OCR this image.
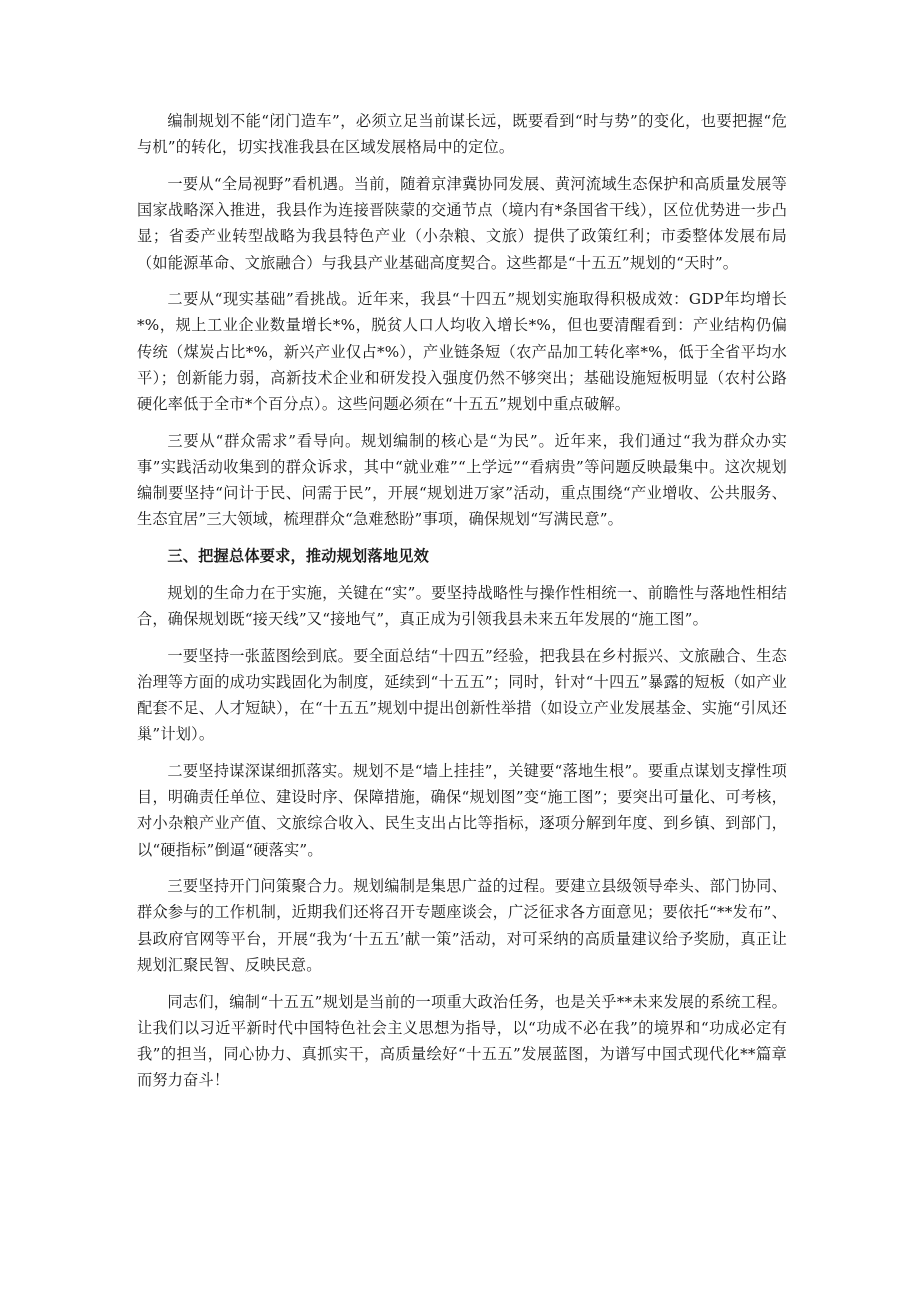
编制规划不能“闭门造车”，必须立足当前谋长远，既要看到“时与势”的变化，也要把握“危与机”的转化，切实找准我县在区域发展格局中的定位。

一要从“全局视野”看机遇。当前，随着京津冀协同发展、黄河流域生态保护和高质量发展等国家战略深入推进，我县作为连接晋陕蒙的交通节点（境内有*条国省干线），区位优势进一步凸显；省委产业转型战略为我县特色产业（小杂粮、文旅）提供了政策红利；市委整体发展布局（如能源革命、文旅融合）与我县产业基础高度契合。这些都是“十五五”规划的“天时”。

二要从“现实基础”看挑战。近年来，我县“十四五”规划实施取得积极成效：GDP年均增长*%，规上工业企业数量增长*%，脱贫人口人均收入增长*%，但也要清醒看到：产业结构仍偏传统（煤炭占比*%，新兴产业仅占*%），产业链条短（农产品加工转化率*%，低于全省平均水平）；创新能力弱，高新技术企业和研发投入强度仍然不够突出；基础设施短板明显（农村公路硬化率低于全市*个百分点）。这些问题必须在“十五五”规划中重点破解。

三要从“群众需求”看导向。规划编制的核心是“为民”。近年来，我们通过“我为群众办实事”实践活动收集到的群众诉求，其中“就业难”“上学远”“看病贵”等问题反映最集中。这次规划编制要坚持“问计于民、问需于民”，开展“规划进万家”活动，重点围绕“产业增收、公共服务、生态宜居”三大领域，梳理群众“急难愁盼”事项，确保规划“写满民意”。

三、把握总体要求，推动规划落地见效

规划的生命力在于实施，关键在“实”。要坚持战略性与操作性相统一、前瞻性与落地性相结合，确保规划既“接天线”又“接地气”，真正成为引领我县未来五年发展的“施工图”。

一要坚持一张蓝图绘到底。要全面总结“十四五”经验，把我县在乡村振兴、文旅融合、生态治理等方面的成功实践固化为制度，延续到“十五五”；同时，针对“十四五”暴露的短板（如产业配套不足、人才短缺），在“十五五”规划中提出创新性举措（如设立产业发展基金、实施“引凤还巢”计划）。

二要坚持谋深谋细抓落实。规划不是“墙上挂挂”，关键要“落地生根”。要重点谋划支撑性项目，明确责任单位、建设时序、保障措施，确保“规划图”变“施工图”；要突出可量化、可考核，对小杂粮产业产值、文旅综合收入、民生支出占比等指标，逐项分解到年度、到乡镇、到部门，以“硬指标”倒逼“硬落实”。

三要坚持开门问策聚合力。规划编制是集思广益的过程。要建立县级领导牵头、部门协同、群众参与的工作机制，近期我们还将召开专题座谈会，广泛征求各方面意见；要依托“**发布”、县政府官网等平台，开展“我为‘十五五’献一策”活动，对可采纳的高质量建议给予奖励，真正让规划汇聚民智、反映民意。

同志们，编制“十五五”规划是当前的一项重大政治任务，也是关乎**未来发展的系统工程。让我们以习近平新时代中国特色社会主义思想为指导，以“功成不必在我”的境界和“功成必定有我”的担当，同心协力、真抓实干，高质量绘好“十五五”发展蓝图，为谱写中国式现代化**篇章而努力奋斗！
